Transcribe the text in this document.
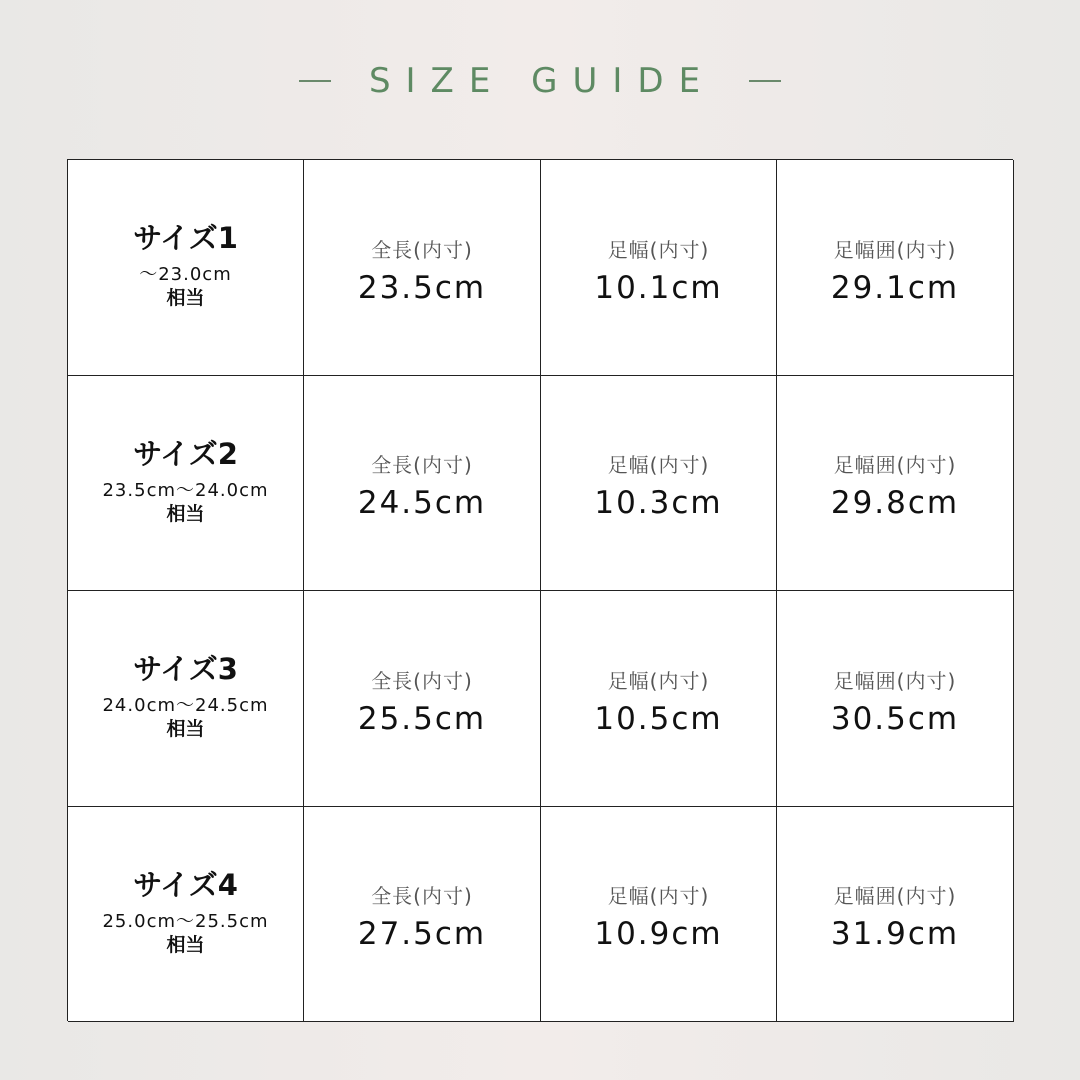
SIZE GUIDE
サイズ1
〜23.0cm
相当
全長(内寸)
23.5cm
足幅(内寸)
10.1cm
足幅囲(内寸)
29.1cm
サイズ2
23.5cm〜24.0cm
相当
全長(内寸)
24.5cm
足幅(内寸)
10.3cm
足幅囲(内寸)
29.8cm
サイズ3
24.0cm〜24.5cm
相当
全長(内寸)
25.5cm
足幅(内寸)
10.5cm
足幅囲(内寸)
30.5cm
サイズ4
25.0cm〜25.5cm
相当
全長(内寸)
27.5cm
足幅(内寸)
10.9cm
足幅囲(内寸)
31.9cm
